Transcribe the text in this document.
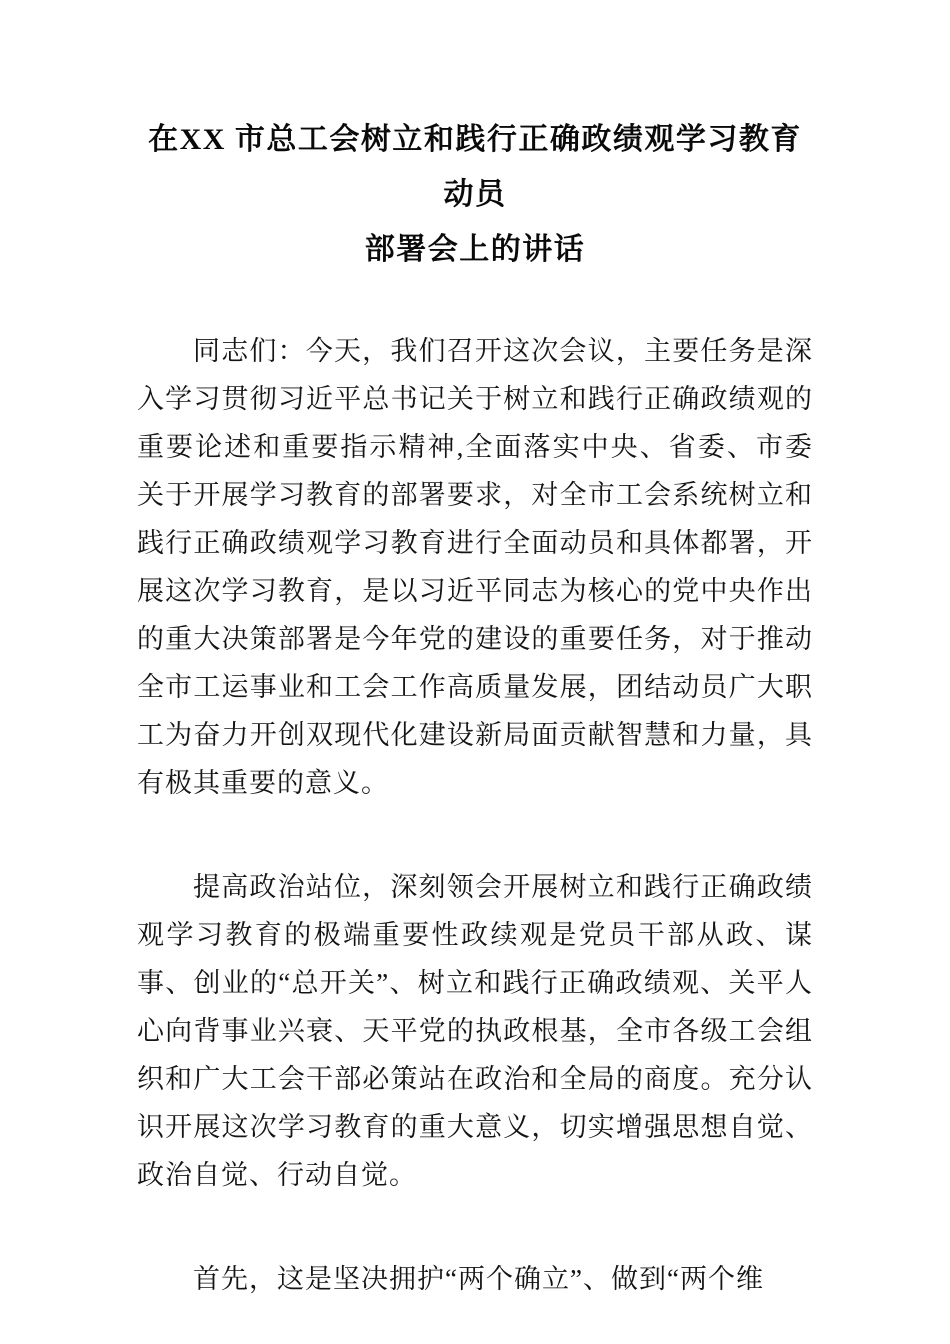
在XX 市总工会树立和践行正确政绩观学习教育动员
部署会上的讲话

同志们：今天，我们召开这次会议，主要任务是深入学习贯彻习近平总书记关于树立和践行正确政绩观的重要论述和重要指示精神,全面落实中央、省委、市委关于开展学习教育的部署要求，对全市工会系统树立和践行正确政绩观学习教育进行全面动员和具体都署，开展这次学习教育，是以习近平同志为核心的党中央作出的重大决策部署是今年党的建设的重要任务，对于推动全市工运事业和工会工作高质量发展，团结动员广大职工为奋力开创双现代化建设新局面贡献智慧和力量，具有极其重要的意义。

提高政治站位，深刻领会开展树立和践行正确政绩观学习教育的极端重要性政续观是党员干部从政、谋事、创业的“总开关”、树立和践行正确政绩观、关平人心向背事业兴衰、天平党的执政根基，全市各级工会组织和广大工会干部必策站在政治和全局的商度。充分认识开展这次学习教育的重大意义，切实增强思想自觉、政治自觉、行动自觉。

首先，这是坚决拥护“两个确立”、做到“两个维
